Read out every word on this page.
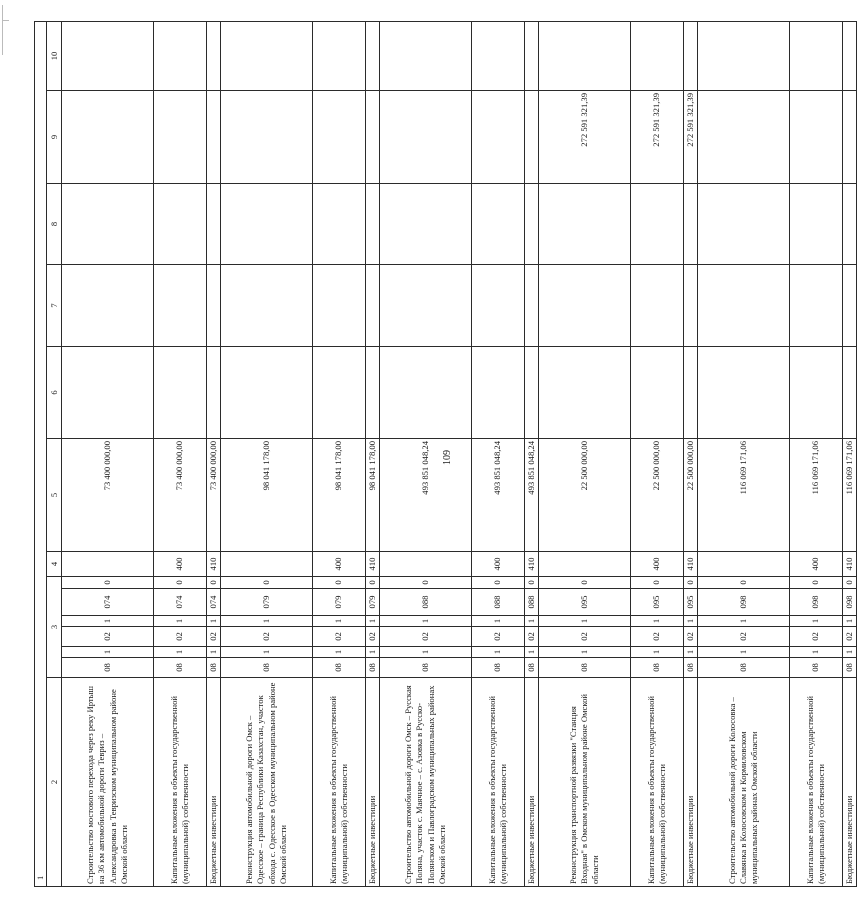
109
1													
2	3						4	5	6	7	8	9	10
Строительство мостового перехода через реку Иртыш на 36 км автомобильной дороги Тевриз – Александровка в Тевризском муниципальном районе Омской области	08	1	02	1	074	0		73 400 000,00					
Капитальные вложения в объекты государственной (муниципальной) собственности	08	1	02	1	074	0	400	73 400 000,00					
Бюджетные инвестиции	08	1	02	1	074	0	410	73 400 000,00					
Реконструкция автомобильной дороги Омск – Одесское – граница Республики Казахстан, участок обхода с. Одесское в Одесском муниципальном районе Омской области	08	1	02	1	079	0		98 041 178,00					
Капитальные вложения в объекты государственной (муниципальной) собственности	08	1	02	1	079	0	400	98 041 178,00					
Бюджетные инвестиции	08	1	02	1	079	0	410	98 041 178,00					
Строительство автомобильной дороги Омск – Русская Поляна, участок с. Маячное – с. Азовка в Русско-Полянском и Павлоградском муниципальных районах Омской области	08	1	02	1	088	0		493 851 048,24					
Капитальные вложения в объекты государственной (муниципальной) собственности	08	1	02	1	088	0	400	493 851 048,24					
Бюджетные инвестиции	08	1	02	1	088	0	410	493 851 048,24					
Реконструкция транспортной развязки "Станция Входная" в Омском муниципальном районе Омской области	08	1	02	1	095	0		22 500 000,00				272 591 321,39	
Капитальные вложения в объекты государственной (муниципальной) собственности	08	1	02	1	095	0	400	22 500 000,00				272 591 321,39	
Бюджетные инвестиции	08	1	02	1	095	0	410	22 500 000,00				272 591 321,39	
Строительство автомобильной дороги Колосовка – Славянка в Колосовском и Кормиловском муниципальных районах Омской области	08	1	02	1	098	0		116 069 171,06					
Капитальные вложения в объекты государственной (муниципальной) собственности	08	1	02	1	098	0	400	116 069 171,06					
Бюджетные инвестиции	08	1	02	1	098	0	410	116 069 171,06					
